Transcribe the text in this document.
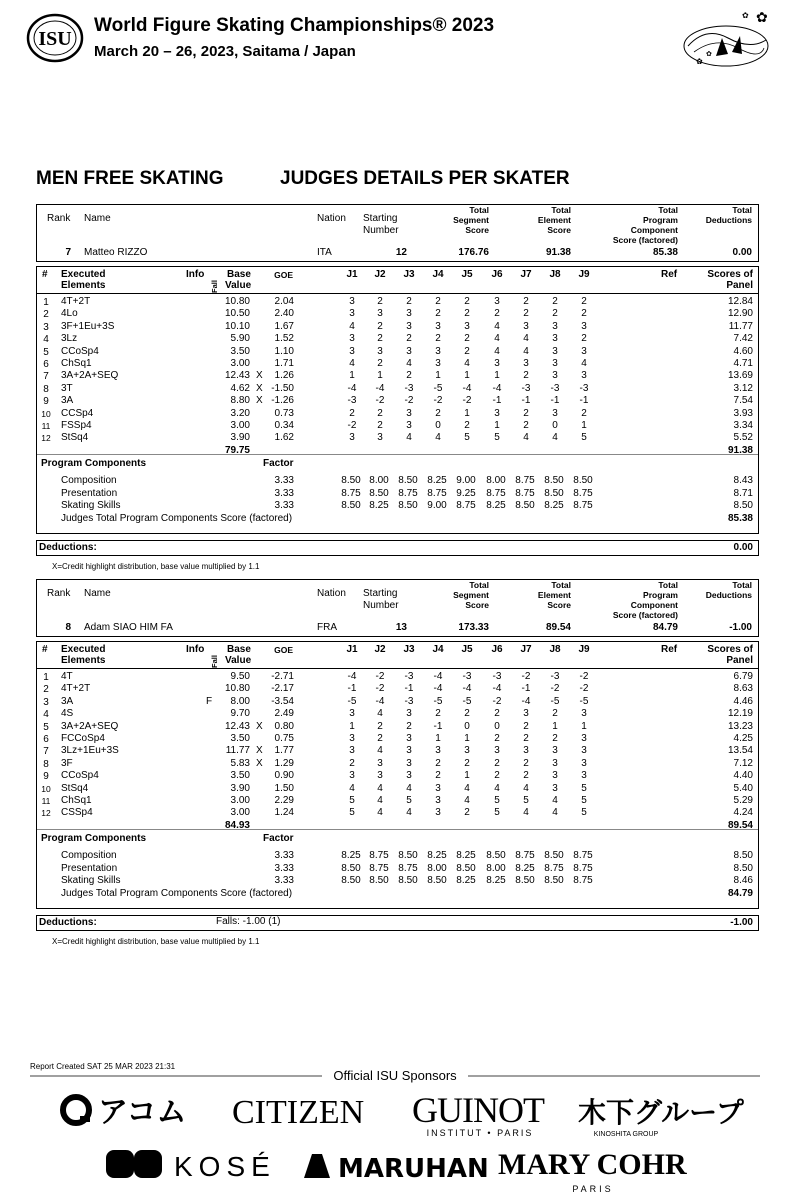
ISU
World Figure Skating Championships® 2023
March 20 – 26, 2023, Saitama / Japan
✿
✿
✿
✿
MEN FREE SKATING	JUDGES DETAILS PER SKATER
Rank Name	Nation Starting
Number
Total
Segment
Score
Total
Element
Score
Total
Program
Component
Score (factored)
Total
Deductions
7 Matteo RIZZO	ITA	12	176.76	91.38	85.38	0.00
# Executed
Elements
Info
Fall
Base
Value
GOE	J1	J2	J3	J4	J5	J6	J7	J8	J9	Ref	Scores of
Panel
1	4T+2T	10.80	2.04	3	2	2	2	2	3	2	2	2	12.84
2	4Lo	10.50	2.40	3	3	3	2	2	2	2	2	2	12.90
3	3F+1Eu+3S	10.10	1.67	4	2	3	3	3	4	3	3	3	11.77
4	3Lz	5.90	1.52	3	2	2	2	2	4	4	3	2	7.42
5	CCoSp4	3.50	1.10	3	3	3	3	2	4	4	3	3	4.60
6	ChSq1	3.00	1.71	4	2	4	3	4	3	3	3	4	4.71
7	3A+2A+SEQ	12.43 X	1.26	1	1	2	1	1	1	2	3	3	13.69
8	3T	4.62 X -1.50	-4	-4	-3	-5	-4	-4	-3	-3	-3	3.12
9	3A	8.80 X -1.26	-3	-2	-2	-2	-2	-1	-1	-1	-1	7.54
10 CCSp4	3.20	0.73	2	2	3	2	1	3	2	3	2	3.93
11 FSSp4	3.00	0.34	-2	2	3	0	2	1	2	0	1	3.34
12 StSq4	3.90	1.62	3	3	4	4	5	5	4	4	5	5.52
79.75	91.38
Program Components	Factor
Composition	3.33	8.50 8.00 8.50 8.25 9.00	8.00 8.75 8.50 8.50	8.43
Presentation	3.33	8.75 8.50 8.75 8.75 9.25	8.75 8.75 8.50 8.75	8.71
Skating Skills	3.33	8.50 8.25 8.50 9.00 8.75	8.25 8.50 8.25 8.75	8.50
Judges Total Program Components Score (factored)	85.38
Deductions:	0.00
X=Credit highlight distribution, base value multiplied by 1.1
Rank Name	Nation Starting
Number
Total
Segment
Score
Total
Element
Score
Total
Program
Component
Score (factored)
Total
Deductions
8 Adam SIAO HIM FA	FRA	13	173.33	89.54	84.79	-1.00
# Executed
Elements
Info
Fall
Base
Value
GOE	J1	J2	J3	J4	J5	J6	J7	J8	J9	Ref	Scores of
Panel
1	4T	9.50	-2.71	-4	-2	-3	-4	-3	-3	-2	-3	-2	6.79
2	4T+2T	10.80	-2.17	-1	-2	-1	-4	-4	-4	-1	-2	-2	8.63
3	3A	F	8.00	-3.54	-5	-4	-3	-5	-5	-2	-4	-5	-5	4.46
4	4S	9.70	2.49	3	4	3	2	2	2	3	2	3	12.19
5	3A+2A+SEQ	12.43 X	0.80	1	2	2	-1	0	0	2	1	1	13.23
6	FCCoSp4	3.50	0.75	3	2	3	1	1	2	2	2	3	4.25
7	3Lz+1Eu+3S	11.77 X	1.77	3	4	3	3	3	3	3	3	3	13.54
8	3F	5.83 X	1.29	2	3	3	2	2	2	2	3	3	7.12
9	CCoSp4	3.50	0.90	3	3	3	2	1	2	2	3	3	4.40
10 StSq4	3.90	1.50	4	4	4	3	4	4	4	3	5	5.40
11 ChSq1	3.00	2.29	5	4	5	3	4	5	5	4	5	5.29
12 CSSp4	3.00	1.24	5	4	4	3	2	5	4	4	5	4.24
84.93	89.54
Program Components	Factor
Composition	3.33	8.25 8.75 8.50 8.25 8.25	8.50 8.75 8.50 8.75	8.50
Presentation	3.33	8.50 8.75 8.75 8.00 8.50	8.00 8.25 8.75 8.75	8.50
Skating Skills	3.33	8.50 8.50 8.50 8.50 8.25	8.25 8.50 8.50 8.75	8.46
Judges Total Program Components Score (factored)	84.79
Deductions:	Falls: -1.00 (1)	-1.00
X=Credit highlight distribution, base value multiplied by 1.1
Report Created SAT 25 MAR 2023 21:31
Official ISU Sponsors
アコム CITIZEN GUINOT
INSTITUT • PARIS
木下グループ
KINOSHITA GROUP
KOSÉ MARUHAN MARY COHR
PARIS
